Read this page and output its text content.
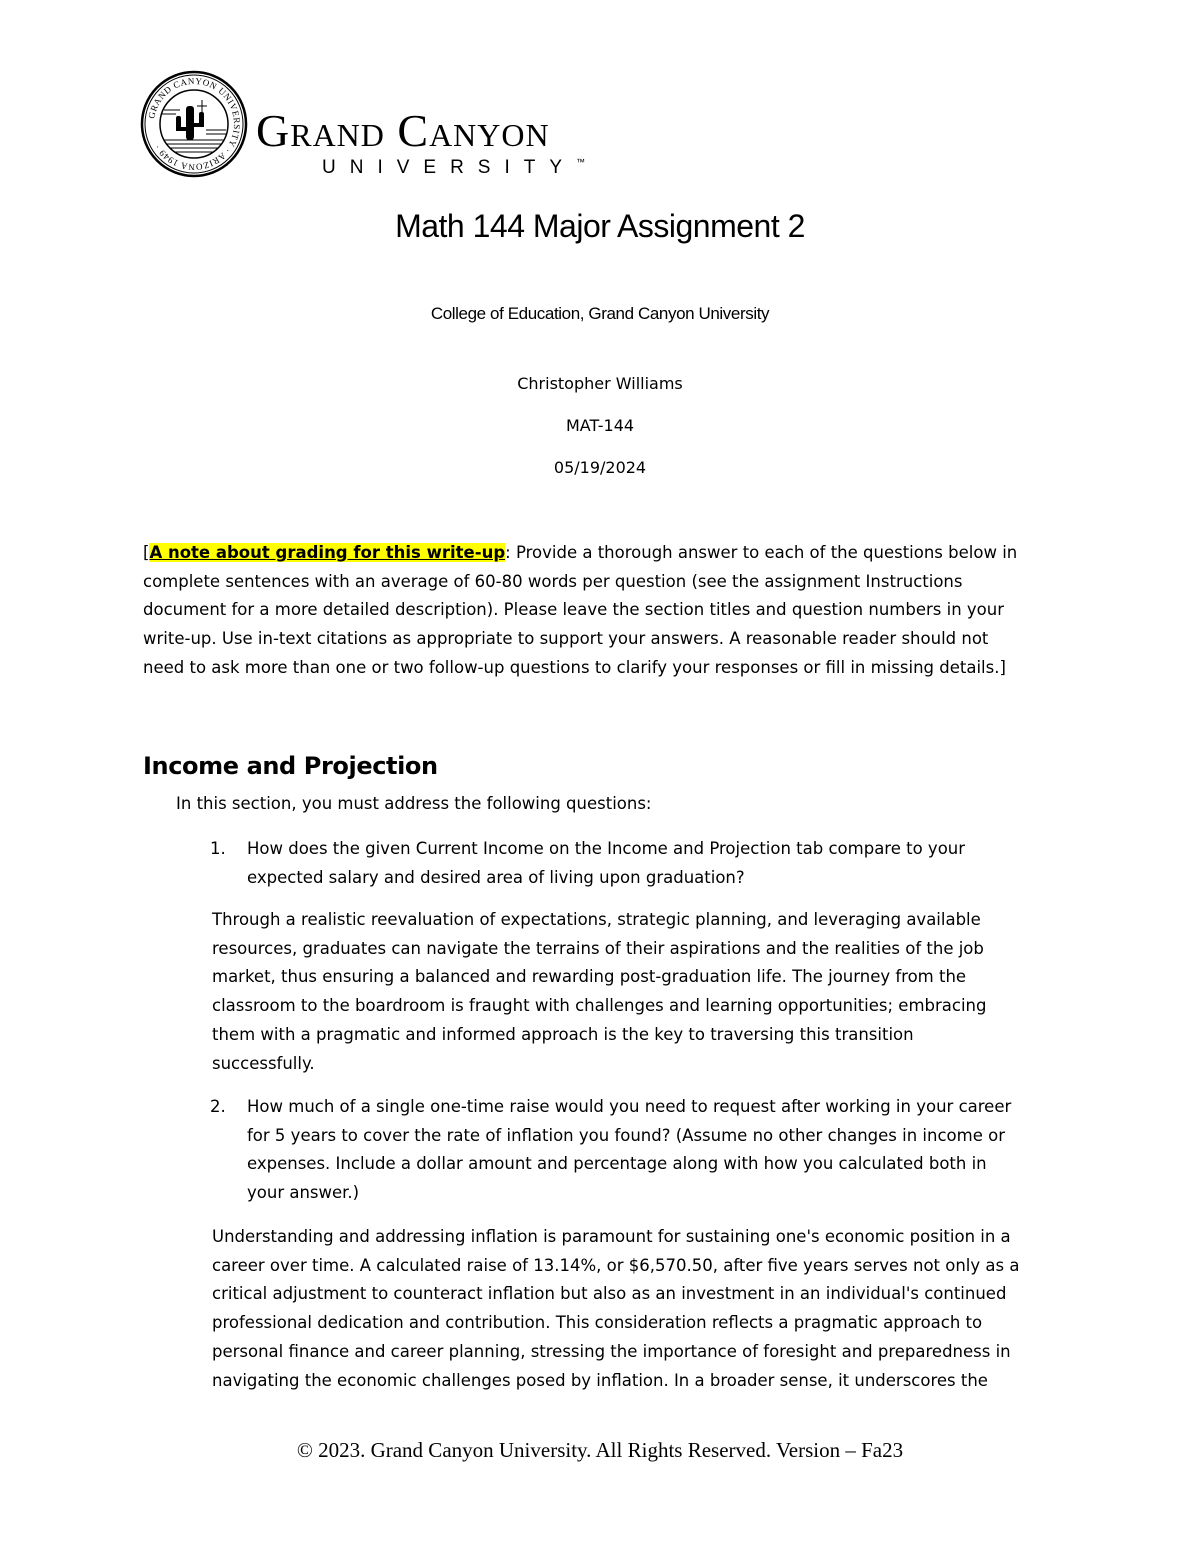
GRAND CANYON UNIVERSITY · ARIZONA 1949 ·	Grand Canyon
UNIVERSITY™
Math 144 Major Assignment 2
College of Education, Grand Canyon University
Christopher Williams
MAT-144
05/19/2024
[A note about grading for this write-up: Provide a thorough answer to each of the questions below in
complete sentences with an average of 60-80 words per question (see the assignment Instructions
document for a more detailed description). Please leave the section titles and question numbers in your
write-up. Use in-text citations as appropriate to support your answers. A reasonable reader should not
need to ask more than one or two follow-up questions to clarify your responses or fill in missing details.]
Income and Projection
In this section, you must address the following questions:
1. How does the given Current Income on the Income and Projection tab compare to your
expected salary and desired area of living upon graduation?
Through a realistic reevaluation of expectations, strategic planning, and leveraging available
resources, graduates can navigate the terrains of their aspirations and the realities of the job
market, thus ensuring a balanced and rewarding post-graduation life. The journey from the
classroom to the boardroom is fraught with challenges and learning opportunities; embracing
them with a pragmatic and informed approach is the key to traversing this transition
successfully.
2. How much of a single one-time raise would you need to request after working in your career
for 5 years to cover the rate of inflation you found? (Assume no other changes in income or
expenses. Include a dollar amount and percentage along with how you calculated both in
your answer.)
Understanding and addressing inflation is paramount for sustaining one's economic position in a
career over time. A calculated raise of 13.14%, or $6,570.50, after five years serves not only as a
critical adjustment to counteract inflation but also as an investment in an individual's continued
professional dedication and contribution. This consideration reflects a pragmatic approach to
personal finance and career planning, stressing the importance of foresight and preparedness in
navigating the economic challenges posed by inflation. In a broader sense, it underscores the
© 2023. Grand Canyon University. All Rights Reserved. Version – Fa23
